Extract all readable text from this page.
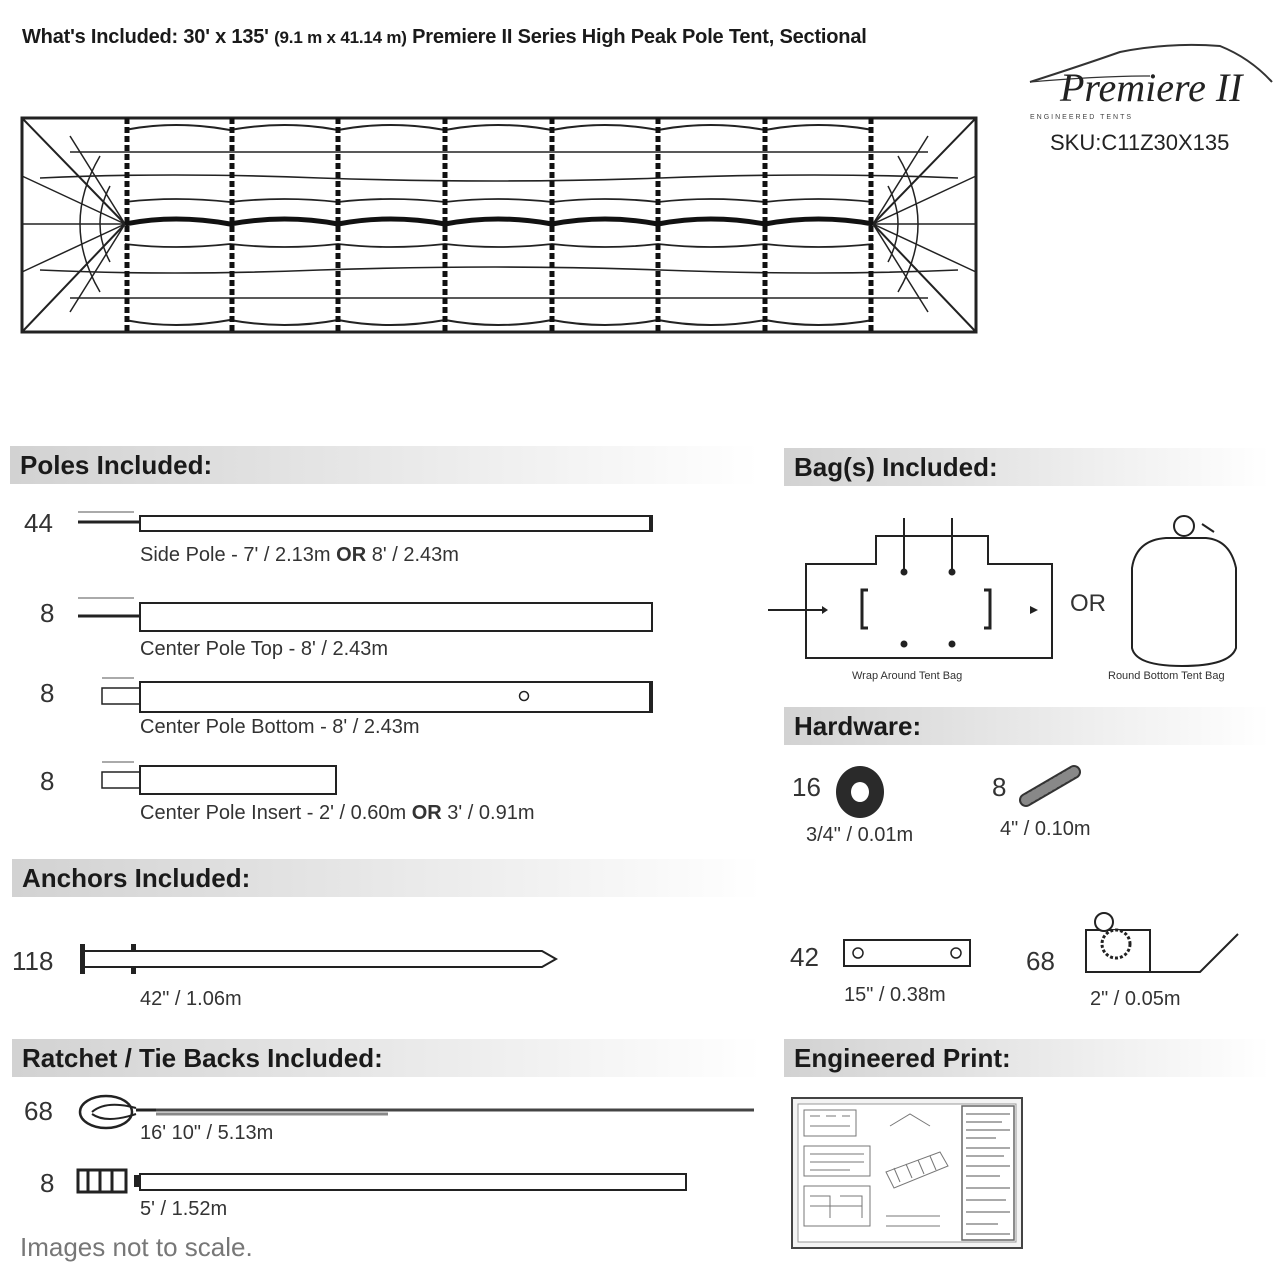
What's Included: 30' x 135' (9.1 m x 41.14 m) Premiere II Series High Peak Pole Tent, Sectional
Premiere II
ENGINEERED TENTS
SKU:C11Z30X135
Poles Included:
44
Side Pole - 7' / 2.13m OR 8' / 2.43m
8
Center Pole Top - 8' / 2.43m
8
Center Pole Bottom - 8' / 2.43m
8
Center Pole Insert - 2' / 0.60m OR 3' / 0.91m
Bag(s) Included:
Wrap Around Tent Bag
OR
Round Bottom Tent Bag
Hardware:
16
3/4" / 0.01m
8
4" / 0.10m
Anchors Included:
118
42" / 1.06m
42
15" / 0.38m
68
2" / 0.05m
Ratchet / Tie Backs Included:
68
16' 10" / 5.13m
8
5' / 1.52m
Engineered Print:
Images not to scale.
